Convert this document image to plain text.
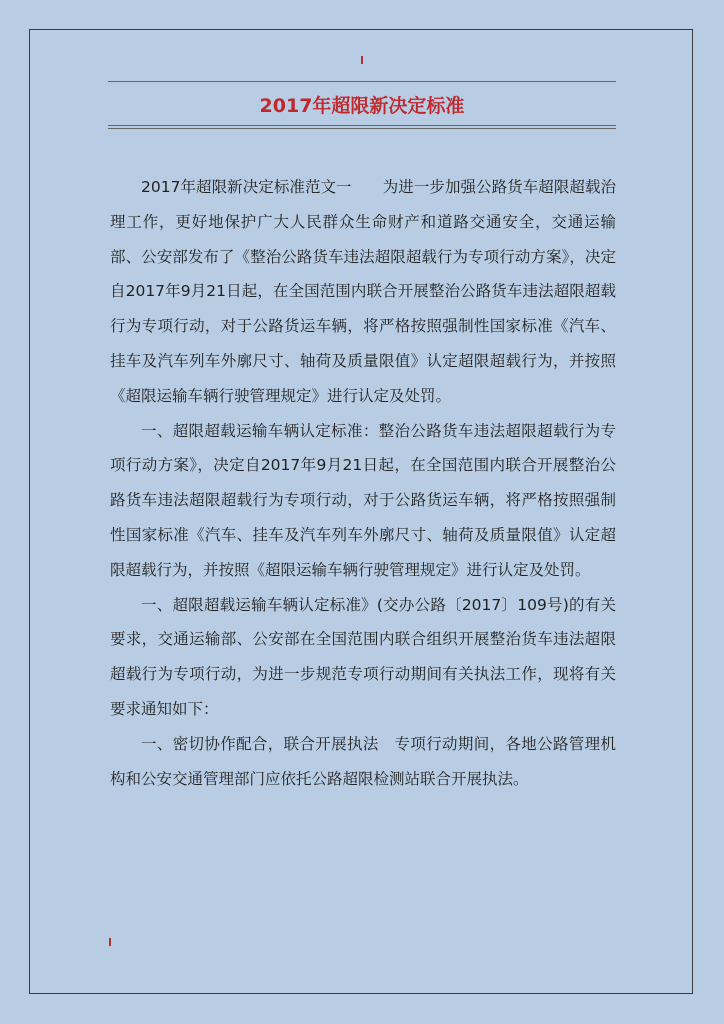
2017年超限新决定标准

2017年超限新决定标准范文一　　为进一步加强公路货车超限超载治理工作，更好地保护广大人民群众生命财产和道路交通安全，交通运输部、公安部发布了《整治公路货车违法超限超载行为专项行动方案》，决定自2017年9月21日起，在全国范围内联合开展整治公路货车违法超限超载行为专项行动，对于公路货运车辆，将严格按照强制性国家标准《汽车、挂车及汽车列车外廓尺寸、轴荷及质量限值》认定超限超载行为，并按照《超限运输车辆行驶管理规定》进行认定及处罚。

一、超限超载运输车辆认定标准：整治公路货车违法超限超载行为专项行动方案》，决定自2017年9月21日起，在全国范围内联合开展整治公路货车违法超限超载行为专项行动，对于公路货运车辆，将严格按照强制性国家标准《汽车、挂车及汽车列车外廓尺寸、轴荷及质量限值》认定超限超载行为，并按照《超限运输车辆行驶管理规定》进行认定及处罚。

一、超限超载运输车辆认定标准》(交办公路〔2017〕109号)的有关要求，交通运输部、公安部在全国范围内联合组织开展整治货车违法超限超载行为专项行动，为进一步规范专项行动期间有关执法工作，现将有关要求通知如下：

一、密切协作配合，联合开展执法　专项行动期间，各地公路管理机构和公安交通管理部门应依托公路超限检测站联合开展执法。
